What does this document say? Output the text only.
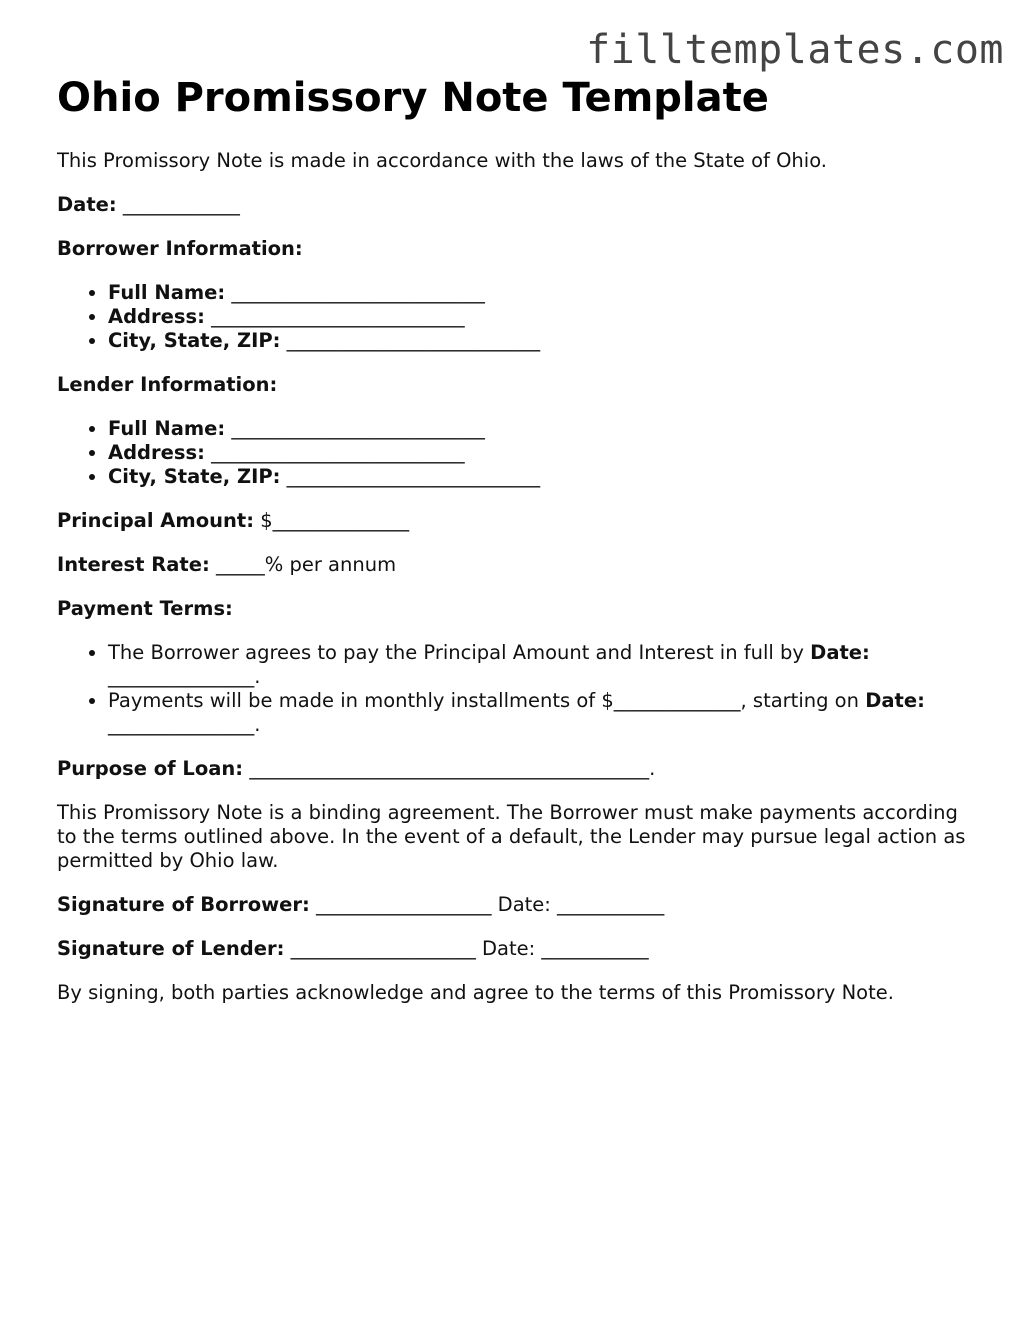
filltemplates.com
Ohio Promissory Note Template

This Promissory Note is made in accordance with the laws of the State of Ohio.

Date: ____________

Borrower Information:

• Full Name: __________________________
• Address: __________________________
• City, State, ZIP: __________________________

Lender Information:

• Full Name: __________________________
• Address: __________________________
• City, State, ZIP: __________________________

Principal Amount: $______________

Interest Rate: _____% per annum

Payment Terms:

• The Borrower agrees to pay the Principal Amount and Interest in full by Date: _______________.
• Payments will be made in monthly installments of $_____________, starting on Date: _______________.

Purpose of Loan: _________________________________________.

This Promissory Note is a binding agreement. The Borrower must make payments according to the terms outlined above. In the event of a default, the Lender may pursue legal action as permitted by Ohio law.

Signature of Borrower: __________________ Date: ___________

Signature of Lender: ___________________ Date: ___________

By signing, both parties acknowledge and agree to the terms of this Promissory Note.
